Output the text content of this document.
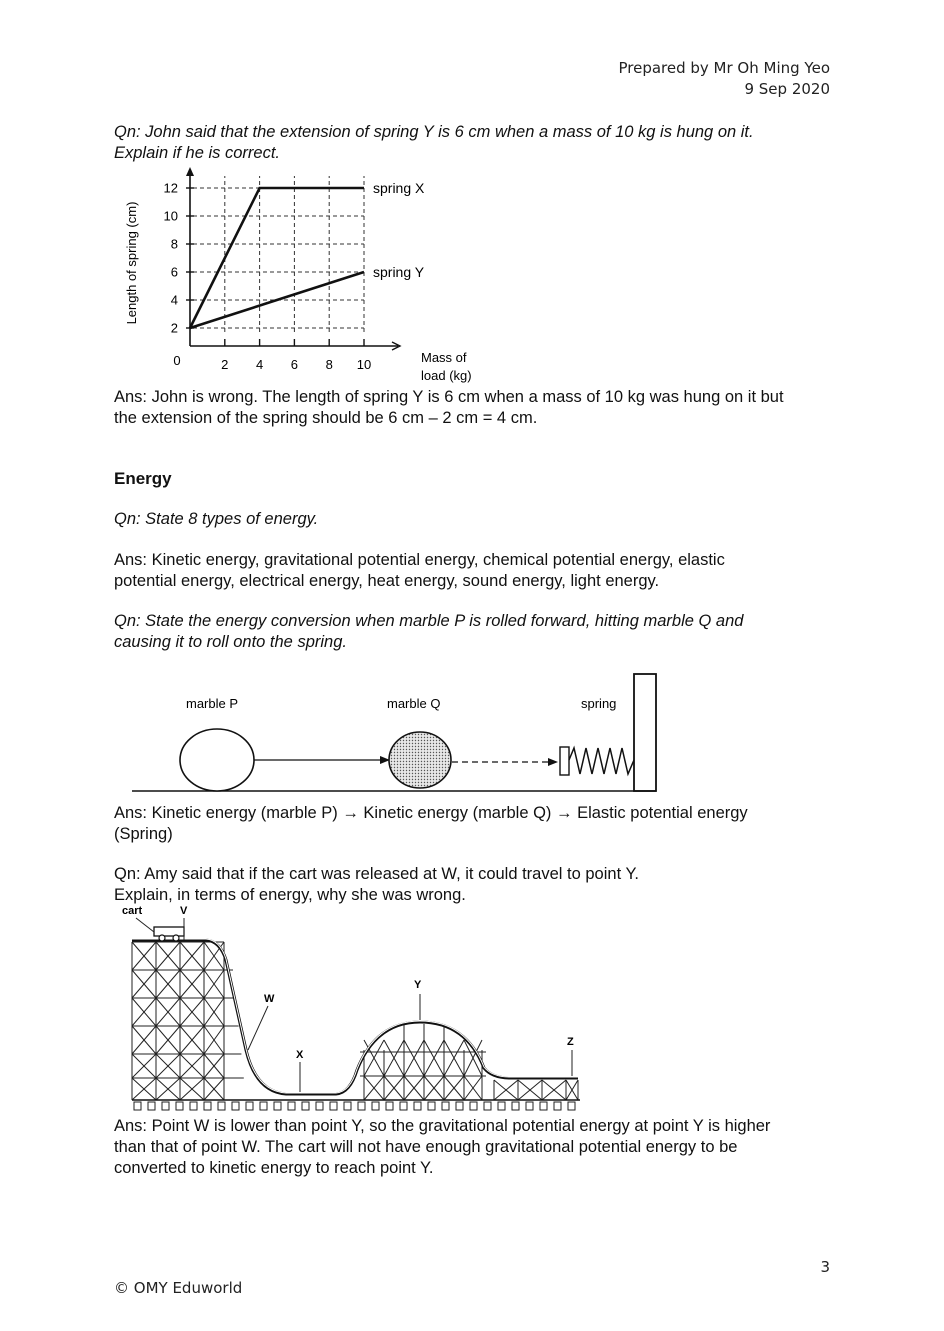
Prepared by Mr Oh Ming Yeo
9 Sep 2020
Qn: John said that the extension of spring Y is 6 cm when a mass of 10 kg is hung on it.
Explain if he is correct.
2 4 6 8 10
2
4
6
8
10
12
0
spring X
spring Y
Length of spring (cm)
Mass of
load (kg)
Ans: John is wrong. The length of spring Y is 6 cm when a mass of 10 kg was hung on it but
the extension of the spring should be 6 cm – 2 cm = 4 cm.
Energy
Qn: State 8 types of energy.
Ans: Kinetic energy, gravitational potential energy, chemical potential energy, elastic
potential energy, electrical energy, heat energy, sound energy, light energy.
Qn: State the energy conversion when marble P is rolled forward, hitting marble Q and
causing it to roll onto the spring.
marble P	marble Q	spring
Ans: Kinetic energy (marble P) → Kinetic energy (marble Q) → Elastic potential energy
(Spring)
Qn: Amy said that if the cart was released at W, it could travel to point Y.
Explain, in terms of energy, why she was wrong.
cart	V
W
X
Y
Z
Ans: Point W is lower than point Y, so the gravitational potential energy at point Y is higher
than that of point W. The cart will not have enough gravitational potential energy to be
converted to kinetic energy to reach point Y.
3
© OMY Eduworld
